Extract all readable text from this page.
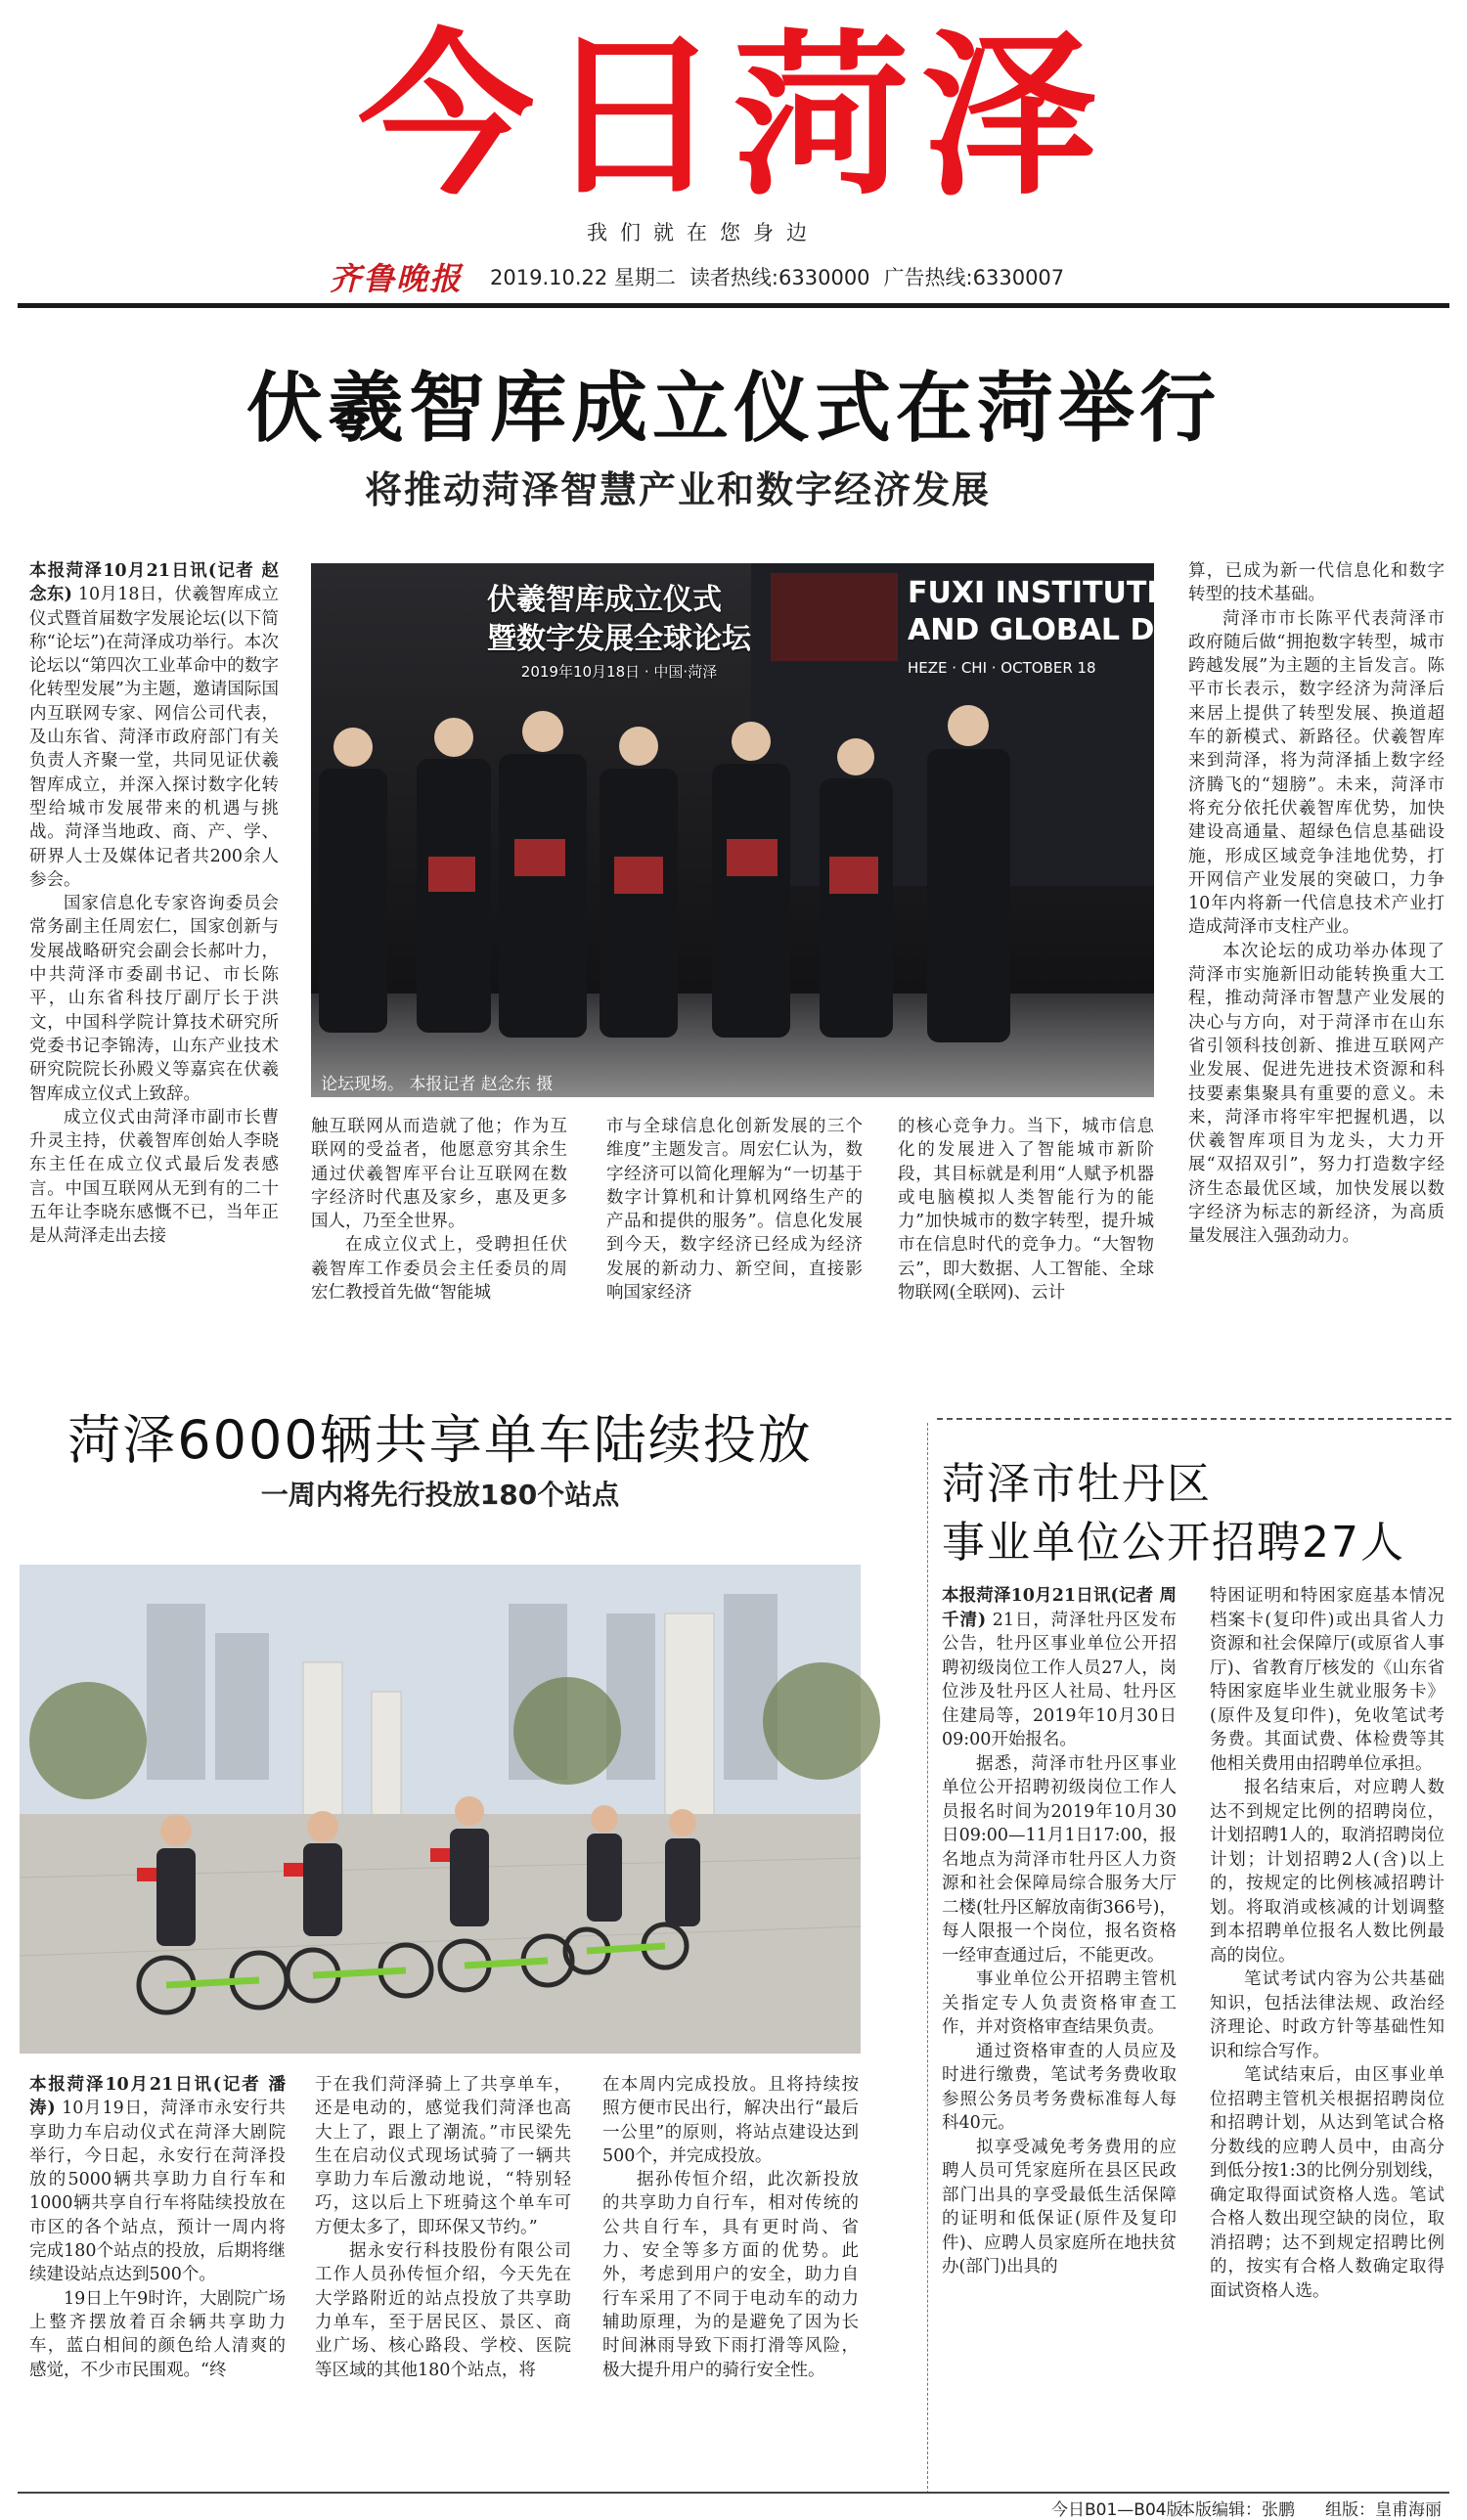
今日菏泽
我们就在您身边
齐鲁晚报 2019.10.22 星期二 读者热线:6330000 广告热线:6330007
伏羲智库成立仪式在菏举行
将推动菏泽智慧产业和数字经济发展

本报菏泽10月21日讯(记者 赵念东) 10月18日，伏羲智库成立仪式暨首届数字发展论坛(以下简称“论坛”)在菏泽成功举行。本次论坛以“第四次工业革命中的数字化转型发展”为主题，邀请国际国内互联网专家、网信公司代表，及山东省、菏泽市政府部门有关负责人齐聚一堂，共同见证伏羲智库成立，并深入探讨数字化转型给城市发展带来的机遇与挑战。菏泽当地政、商、产、学、研界人士及媒体记者共200余人参会。

国家信息化专家咨询委员会常务副主任周宏仁，国家创新与发展战略研究会副会长郝叶力，中共菏泽市委副书记、市长陈平，山东省科技厅副厅长于洪文，中国科学院计算技术研究所党委书记李锦涛，山东产业技术研究院院长孙殿义等嘉宾在伏羲智库成立仪式上致辞。

成立仪式由菏泽市副市长曹升灵主持，伏羲智库创始人李晓东主任在成立仪式最后发表感言。中国互联网从无到有的二十五年让李晓东感慨不已，当年正是从菏泽走出去接

伏羲智库成立仪式
暨数字发展全球论坛
2019年10月18日 · 中国·菏泽
FUXI INSTITUTION
AND GLOBAL DIGI
HEZE · CHI · OCTOBER 18
论坛现场。 本报记者 赵念东 摄

触互联网从而造就了他；作为互联网的受益者，他愿意穷其余生通过伏羲智库平台让互联网在数字经济时代惠及家乡，惠及更多国人，乃至全世界。

在成立仪式上，受聘担任伏羲智库工作委员会主任委员的周宏仁教授首先做“智能城

市与全球信息化创新发展的三个维度”主题发言。周宏仁认为，数字经济可以简化理解为“一切基于数字计算机和计算机网络生产的产品和提供的服务”。信息化发展到今天，数字经济已经成为经济发展的新动力、新空间，直接影响国家经济

的核心竞争力。当下，城市信息化的发展进入了智能城市新阶段，其目标就是利用“人赋予机器或电脑模拟人类智能行为的能力”加快城市的数字转型，提升城市在信息时代的竞争力。“大智物云”，即大数据、人工智能、全球物联网(全联网)、云计

算，已成为新一代信息化和数字转型的技术基础。

菏泽市市长陈平代表菏泽市政府随后做“拥抱数字转型，城市跨越发展”为主题的主旨发言。陈平市长表示，数字经济为菏泽后来居上提供了转型发展、换道超车的新模式、新路径。伏羲智库来到菏泽，将为菏泽插上数字经济腾飞的“翅膀”。未来，菏泽市将充分依托伏羲智库优势，加快建设高通量、超绿色信息基础设施，形成区域竞争洼地优势，打开网信产业发展的突破口，力争10年内将新一代信息技术产业打造成菏泽市支柱产业。

本次论坛的成功举办体现了菏泽市实施新旧动能转换重大工程，推动菏泽市智慧产业发展的决心与方向，对于菏泽市在山东省引领科技创新、推进互联网产业发展、促进先进技术资源和科技要素集聚具有重要的意义。未来，菏泽市将牢牢把握机遇，以伏羲智库项目为龙头，大力开展“双招双引”，努力打造数字经济生态最优区域，加快发展以数字经济为标志的新经济，为高质量发展注入强劲动力。

菏泽6000辆共享单车陆续投放
一周内将先行投放180个站点

本报菏泽10月21日讯(记者 潘涛) 10月19日，菏泽市永安行共享助力车启动仪式在菏泽大剧院举行，今日起，永安行在菏泽投放的5000辆共享助力自行车和1000辆共享自行车将陆续投放在市区的各个站点，预计一周内将完成180个站点的投放，后期将继续建设站点达到500个。

19日上午9时许，大剧院广场上整齐摆放着百余辆共享助力车，蓝白相间的颜色给人清爽的感觉，不少市民围观。“终

于在我们菏泽骑上了共享单车，还是电动的，感觉我们菏泽也高大上了，跟上了潮流。”市民梁先生在启动仪式现场试骑了一辆共享助力车后激动地说，“特别轻巧，这以后上下班骑这个单车可方便太多了，即环保又节约。”

据永安行科技股份有限公司工作人员孙传恒介绍，今天先在大学路附近的站点投放了共享助力单车，至于居民区、景区、商业广场、核心路段、学校、医院等区域的其他180个站点，将

在本周内完成投放。且将持续按照方便市民出行，解决出行“最后一公里”的原则，将站点建设达到500个，并完成投放。

据孙传恒介绍，此次新投放的共享助力自行车，相对传统的公共自行车，具有更时尚、省力、安全等多方面的优势。此外，考虑到用户的安全，助力自行车采用了不同于电动车的动力辅助原理，为的是避免了因为长时间淋雨导致下雨打滑等风险，极大提升用户的骑行安全性。

菏泽市牡丹区
事业单位公开招聘27人

本报菏泽10月21日讯(记者 周千清) 21日，菏泽牡丹区发布公告，牡丹区事业单位公开招聘初级岗位工作人员27人，岗位涉及牡丹区人社局、牡丹区住建局等，2019年10月30日09:00开始报名。

据悉，菏泽市牡丹区事业单位公开招聘初级岗位工作人员报名时间为2019年10月30日09:00—11月1日17:00，报名地点为菏泽市牡丹区人力资源和社会保障局综合服务大厅二楼(牡丹区解放南街366号)，每人限报一个岗位，报名资格一经审查通过后，不能更改。

事业单位公开招聘主管机关指定专人负责资格审查工作，并对资格审查结果负责。

通过资格审查的人员应及时进行缴费，笔试考务费收取参照公务员考务费标准每人每科40元。

拟享受减免考务费用的应聘人员可凭家庭所在县区民政部门出具的享受最低生活保障的证明和低保证(原件及复印件)、应聘人员家庭所在地扶贫办(部门)出具的

特困证明和特困家庭基本情况档案卡(复印件)或出具省人力资源和社会保障厅(或原省人事厅)、省教育厅核发的《山东省特困家庭毕业生就业服务卡》(原件及复印件)，免收笔试考务费。其面试费、体检费等其他相关费用由招聘单位承担。

报名结束后，对应聘人数达不到规定比例的招聘岗位，计划招聘1人的，取消招聘岗位计划；计划招聘2人(含)以上的，按规定的比例核减招聘计划。将取消或核减的计划调整到本招聘单位报名人数比例最高的岗位。

笔试考试内容为公共基础知识，包括法律法规、政治经济理论、时政方针等基础性知识和综合写作。

笔试结束后，由区事业单位招聘主管机关根据招聘岗位和招聘计划，从达到笔试合格分数线的应聘人员中，由高分到低分按1:3的比例分别划线，确定取得面试资格人选。笔试合格人数出现空缺的岗位，取消招聘；达不到规定招聘比例的，按实有合格人数确定取得面试资格人选。

今日B01—B04版
本版编辑：张鹏 组版：皇甫海丽
